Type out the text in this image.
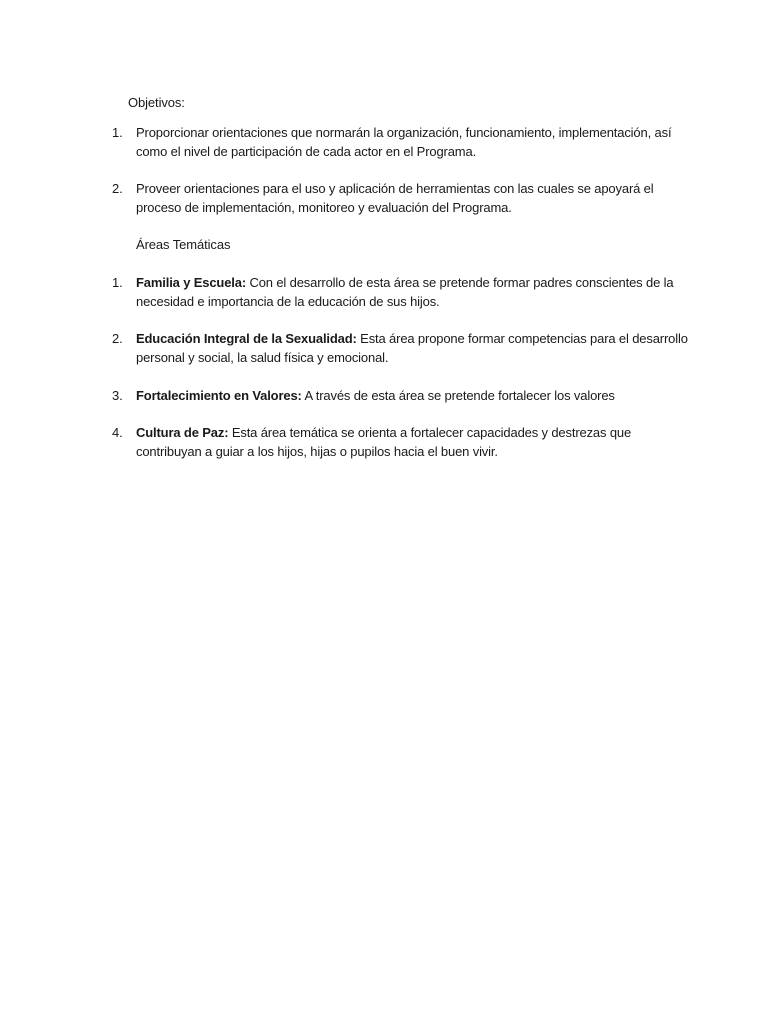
Objetivos:
1.	Proporcionar orientaciones que normarán la organización, funcionamiento, implementación, así como el nivel de participación de cada actor en el Programa.
2.	Proveer orientaciones para el uso y aplicación de herramientas con las cuales se apoyará el proceso de implementación, monitoreo y evaluación del Programa.
Áreas Temáticas
1.	Familia y Escuela: Con el desarrollo de esta área se pretende formar padres conscientes de la necesidad e importancia de la educación de sus hijos.
2.	Educación Integral de la Sexualidad: Esta área propone formar competencias para el desarrollo personal y social, la salud física y emocional.
3.	Fortalecimiento en Valores: A través de esta área se pretende fortalecer los valores
4.	Cultura de Paz: Esta área temática se orienta a fortalecer capacidades y destrezas que contribuyan a guiar a los hijos, hijas o pupilos hacia el buen vivir.
